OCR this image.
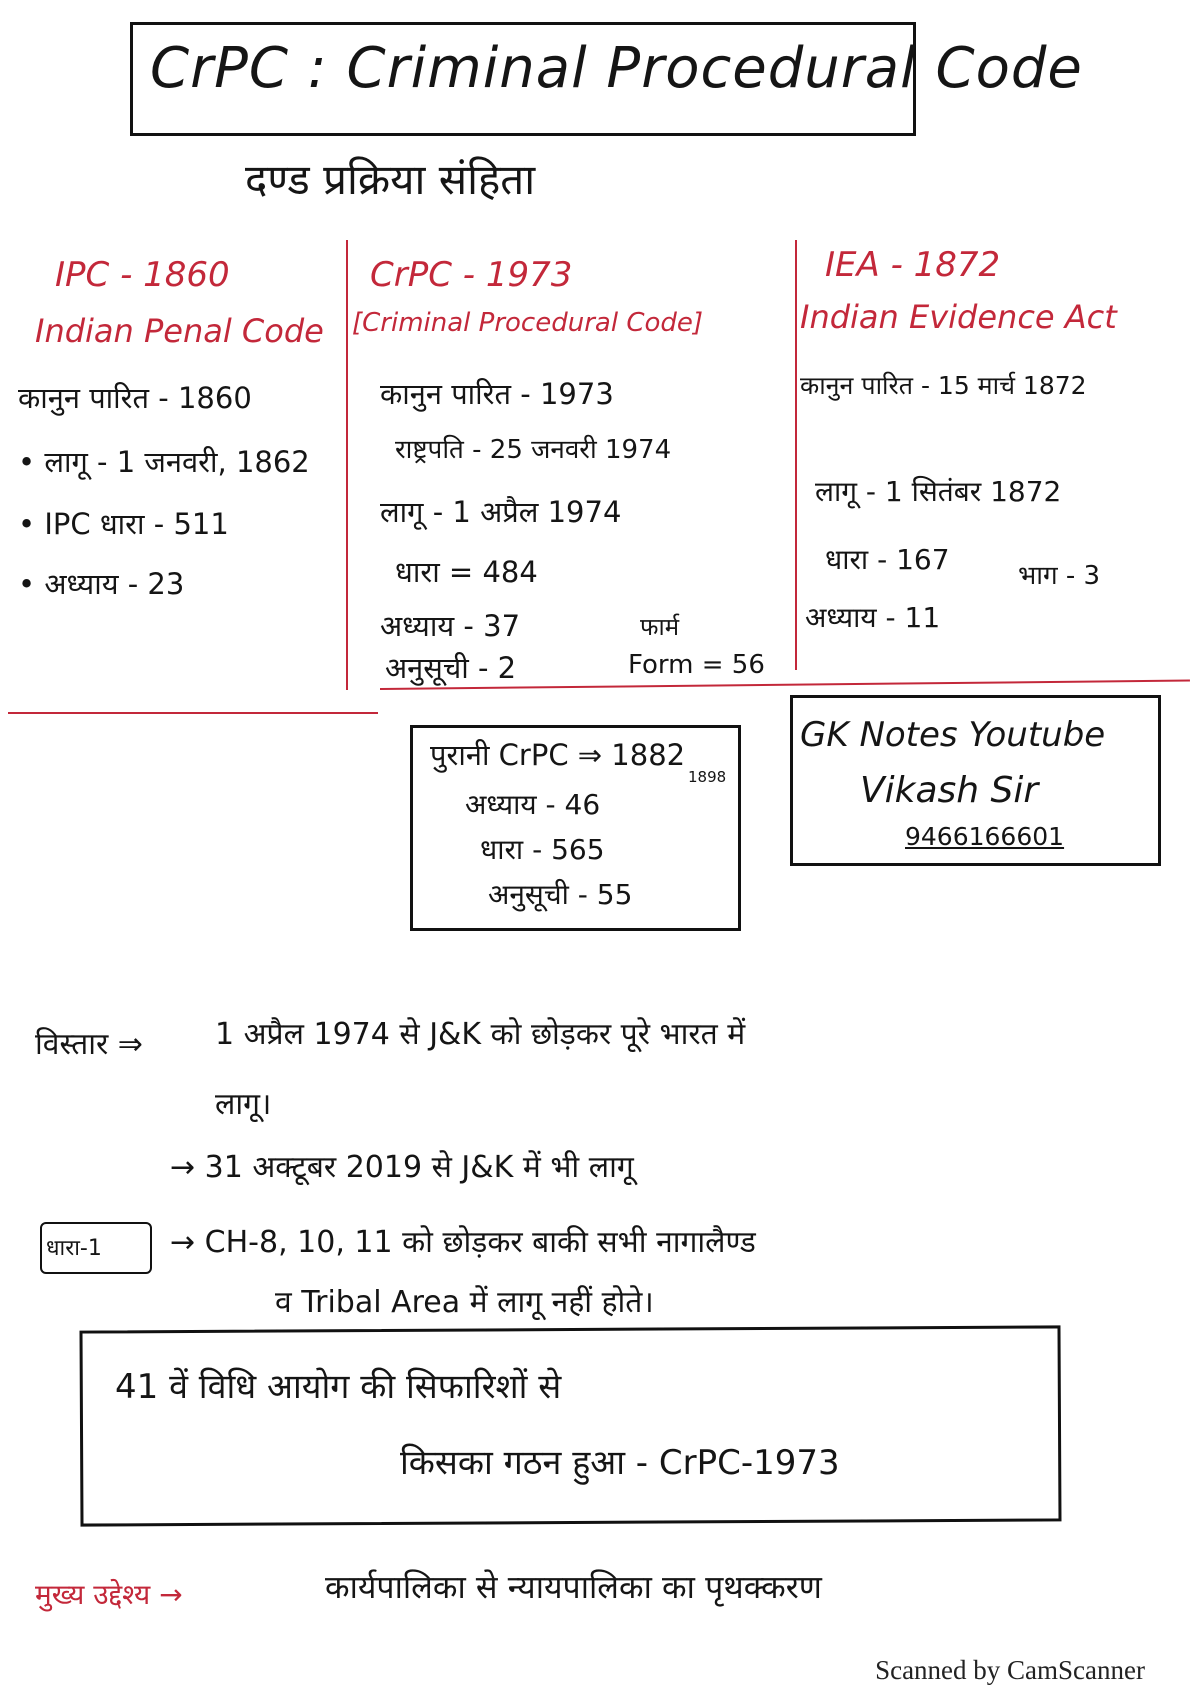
CrPC : Criminal Procedural Code
दण्ड प्रक्रिया संहिता
IPC - 1860
Indian Penal Code
कानुन पारित - 1860
• लागू - 1 जनवरी, 1862
• IPC धारा - 511
• अध्याय - 23
CrPC - 1973
[Criminal Procedural Code]
कानुन पारित - 1973
राष्ट्रपति - 25 जनवरी 1974
लागू - 1 अप्रैल 1974
धारा = 484
अध्याय - 37
अनुसूची - 2
फार्म
Form = 56
IEA - 1872
Indian Evidence Act
कानुन पारित - 15 मार्च 1872
लागू - 1 सितंबर 1872
धारा - 167	भाग - 3
अध्याय - 11
पुरानी CrPC ⇒ 1882
1898
अध्याय - 46
धारा - 565
अनुसूची - 55
GK Notes Youtube
Vikash Sir
9466166601
विस्तार ⇒ 1 अप्रैल 1974 से J&K को छोड़कर पूरे भारत में
लागू।
→ 31 अक्टूबर 2019 से J&K में भी लागू
धारा-1 → CH-8, 10, 11 को छोड़कर बाकी सभी नागालैण्ड
व Tribal Area में लागू नहीं होते।
41 वें विधि आयोग की सिफारिशों से
किसका गठन हुआ - CrPC-1973
मुख्य उद्देश्य →	कार्यपालिका से न्यायपालिका का पृथक्करण
Scanned by CamScanner
